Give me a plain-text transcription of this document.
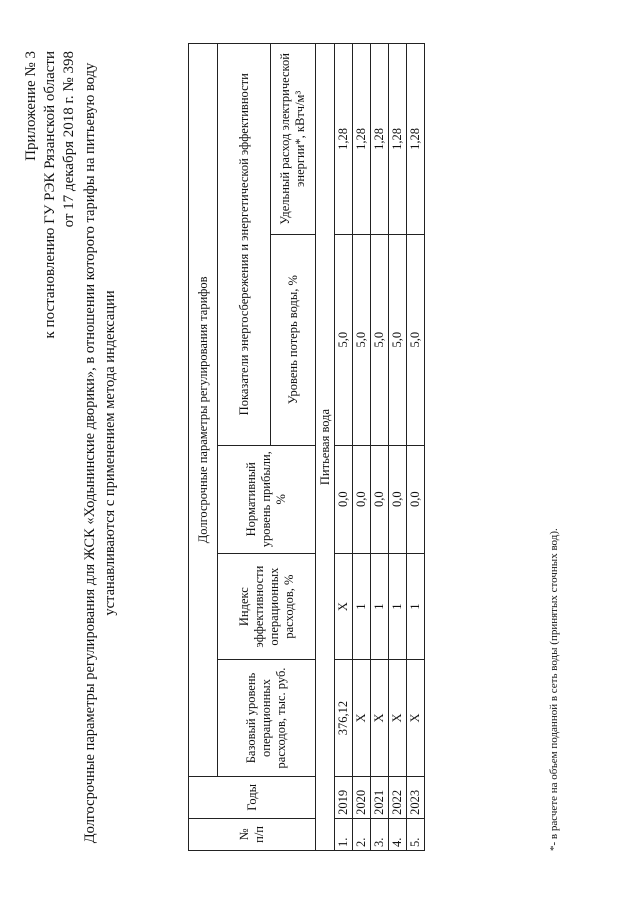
Приложение № 3 к постановлению ГУ РЭК Рязанской области от 17 декабря 2018 г. № 398 Долгосрочные параметры регулирования для ЖСК «Ходынинские дворики», в отношении которого тарифы на питьевую воду устанавливаются с применением метода индексации
№ п/п	Годы	Долгосрочные параметры регулирования тарифов				
		Базовый уровень операционных расходов, тыс. руб.	Индекс эффективности операционных расходов, %	Нормативный уровень прибыли, %	Показатели энергосбережения и энергетической эффективности	
					Уровень потерь воды, %	Удельный расход электрической энергии*, кВтч/м³
Питьевая вода						
1.	2019	376,12	Х	0,0	5,0	1,28
2.	2020	Х	1	0,0	5,0	1,28
3.	2021	Х	1	0,0	5,0	1,28
4.	2022	Х	1	0,0	5,0	1,28
5.	2023	Х	1	0,0	5,0	1,28
*- в расчете на объем поданной в сеть воды (принятых сточных вод).
